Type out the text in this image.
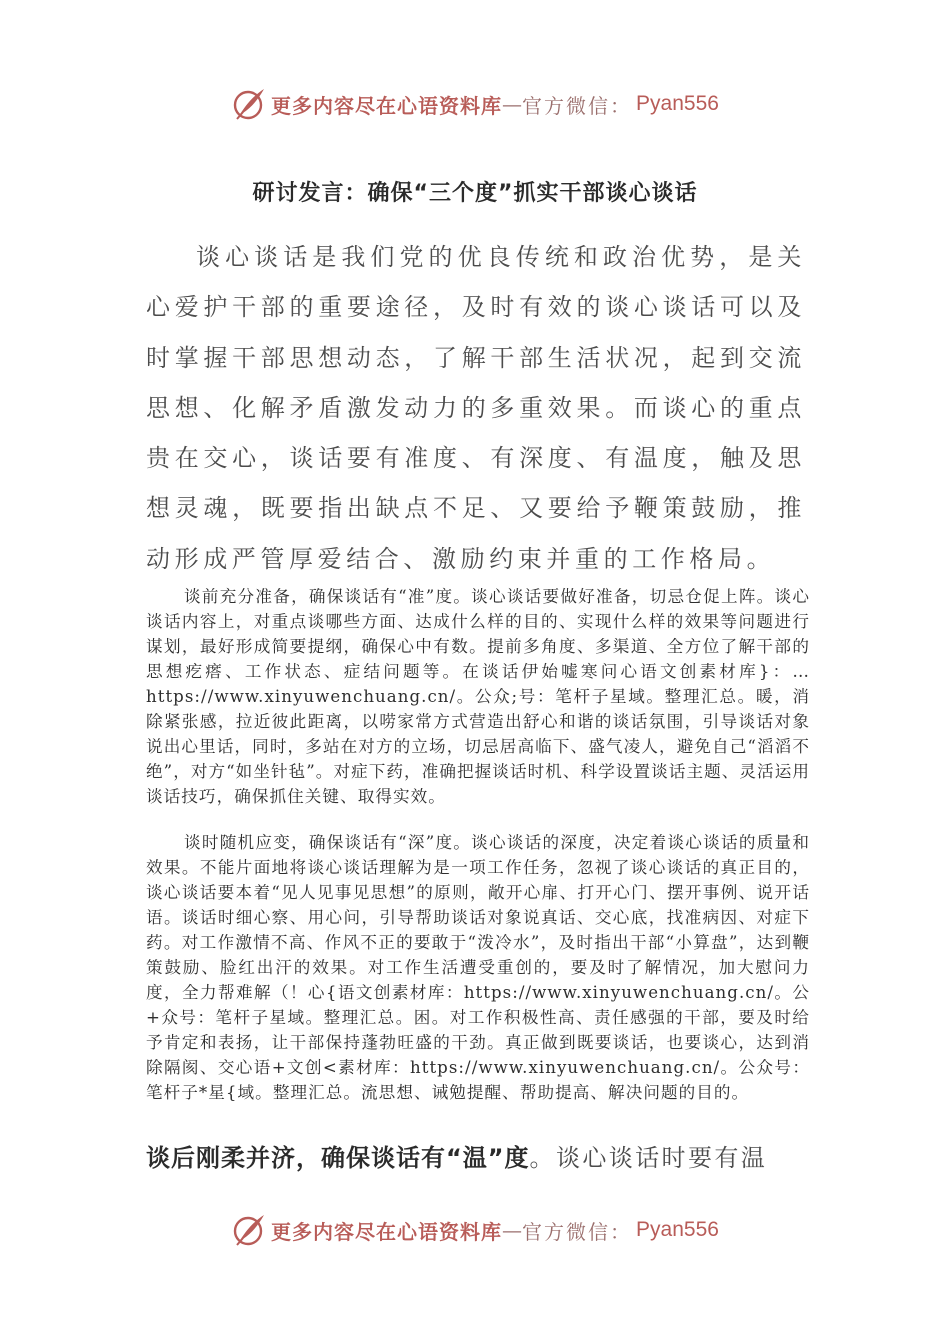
更多内容尽在心语资料库 — 官方微信： Pyan556
研讨发言：确保“三个度”抓实干部谈心谈话

谈心谈话是我们党的优良传统和政治优势，是关心爱护干部的重要途径，及时有效的谈心谈话可以及时掌握干部思想动态，了解干部生活状况，起到交流思想、化解矛盾激发动力的多重效果。而谈心的重点贵在交心，谈话要有准度、有深度、有温度，触及思想灵魂，既要指出缺点不足、又要给予鞭策鼓励，推动形成严管厚爱结合、激励约束并重的工作格局。

谈前充分准备，确保谈话有“准”度。谈心谈话要做好准备，切忌仓促上阵。谈心谈话内容上，对重点谈哪些方面、达成什么样的目的、实现什么样的效果等问题进行谋划，最好形成简要提纲，确保心中有数。提前多角度、多渠道、全方位了解干部的思想疙瘩、工作状态、症结问题等。在谈话伊始嘘寒问心语文创素材库}：…https://www.xinyuwenchuang.cn/。公众;号：笔杆子星域。整理汇总。暖，消除紧张感，拉近彼此距离，以唠家常方式营造出舒心和谐的谈话氛围，引导谈话对象说出心里话，同时，多站在对方的立场，切忌居高临下、盛气凌人，避免自己“滔滔不绝”，对方“如坐针毡”。对症下药，准确把握谈话时机、科学设置谈话主题、灵活运用谈话技巧，确保抓住关键、取得实效。

谈时随机应变，确保谈话有“深”度。谈心谈话的深度，决定着谈心谈话的质量和效果。不能片面地将谈心谈话理解为是一项工作任务，忽视了谈心谈话的真正目的，谈心谈话要本着“见人见事见思想”的原则，敞开心扉、打开心门、摆开事例、说开话语。谈话时细心察、用心问，引导帮助谈话对象说真话、交心底，找准病因、对症下药。对工作激情不高、作风不正的要敢于“泼冷水”，及时指出干部“小算盘”，达到鞭策鼓励、脸红出汗的效果。对工作生活遭受重创的，要及时了解情况，加大慰问力度，全力帮难解（！心{语文创素材库：https://www.xinyuwenchuang.cn/。公+众号：笔杆子星域。整理汇总。困。对工作积极性高、责任感强的干部，要及时给予肯定和表扬，让干部保持蓬勃旺盛的干劲。真正做到既要谈话，也要谈心，达到消除隔阂、交心语+文创<素材库：https://www.xinyuwenchuang.cn/。公众号：笔杆子*星{域。整理汇总。流思想、诫勉提醒、帮助提高、解决问题的目的。

谈后刚柔并济，确保谈话有“温”度。谈心谈话时要有温

更多内容尽在心语资料库 — 官方微信： Pyan556
